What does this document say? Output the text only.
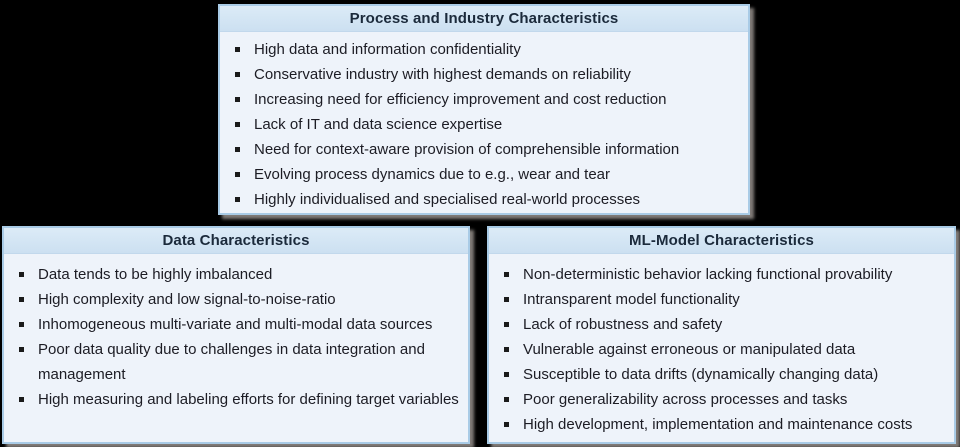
Process and Industry Characteristics
High data and information confidentiality
Conservative industry with highest demands on reliability
Increasing need for efficiency improvement and cost reduction
Lack of IT and data science expertise
Need for context-aware provision of comprehensible information
Evolving process dynamics due to e.g., wear and tear
Highly individualised and specialised real-world processes
Data Characteristics
Data tends to be highly imbalanced
High complexity and low signal-to-noise-ratio
Inhomogeneous multi-variate and multi-modal data sources
Poor data quality due to challenges in data integration and management
High measuring and labeling efforts for defining target variables
ML-Model Characteristics
Non-deterministic behavior lacking functional provability
Intransparent model functionality
Lack of robustness and safety
Vulnerable against erroneous or manipulated data
Susceptible to data drifts (dynamically changing data)
Poor generalizability across processes and tasks
High development, implementation and maintenance costs
